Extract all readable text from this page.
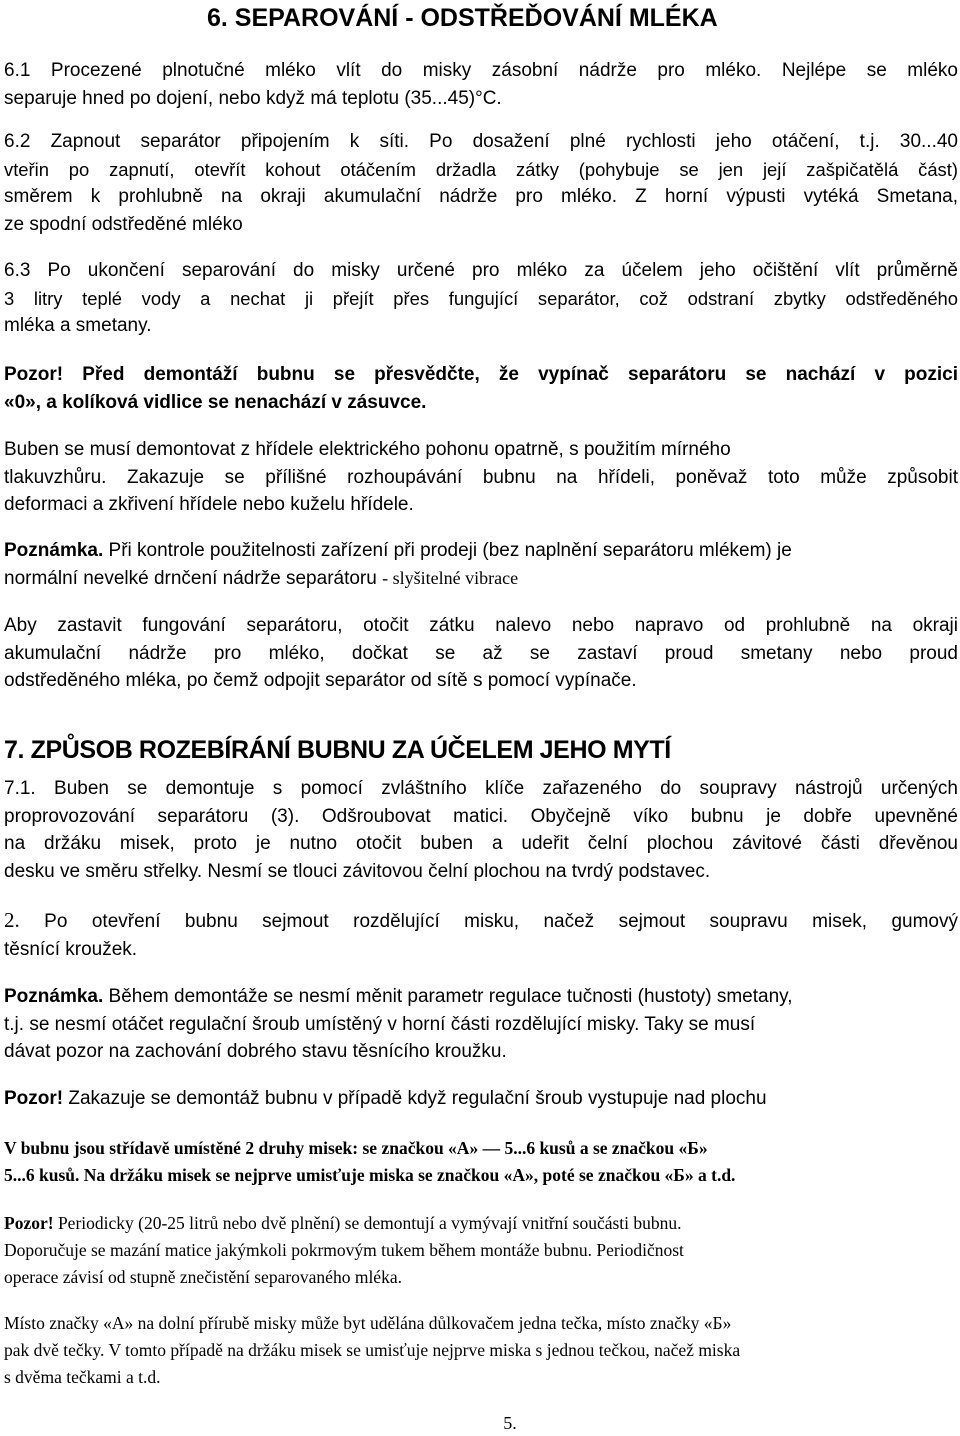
6. SEPAROVÁNÍ - ODSTŘEĎOVÁNÍ MLÉKA

6.1 Procezené plnotučné mléko vlít do misky zásobní nádrže pro mléko. Nejlépe se mléko

separuje hned po dojení, nebo když má teplotu (35...45)°C.

6.2 Zapnout separátor připojením k síti. Po dosažení plné rychlosti jeho otáčení, t.j. 30...40

vteřin po zapnutí, otevřít kohout otáčením držadla zátky (pohybuje se jen její zašpičatělá část)

směrem k prohlubně na okraji akumulační nádrže pro mléko. Z horní výpusti vytéká Smetana,

ze spodní odstředěné mléko

6.3 Po ukončení separování do misky určené pro mléko za účelem jeho očištění vlít průměrně

3 litry teplé vody a nechat ji přejít přes fungující separátor, což odstraní zbytky odstředěného

mléka a smetany.

Pozor! Před demontáží bubnu se přesvědčte, že vypínač separátoru se nachází v pozici

«0», a kolíková vidlice se nenachází v zásuvce.

Buben se musí demontovat z hřídele elektrického pohonu opatrně, s použitím mírného

tlakuvzhůru. Zakazuje se přílišné rozhoupávání bubnu na hřídeli, poněvaž toto může způsobit

deformaci a zkřivení hřídele nebo kuželu hřídele.

Poznámka. Při kontrole použitelnosti zařízení při prodeji (bez naplnění separátoru mlékem) je

normální nevelké drnčení nádrže separátoru - slyšitelné vibrace

Aby zastavit fungování separátoru, otočit zátku nalevo nebo napravo od prohlubně na okraji

akumulační nádrže pro mléko, dočkat se až se zastaví proud smetany nebo proud

odstředěného mléka, po čemž odpojit separátor od sítě s pomocí vypínače.

7. ZPŮSOB ROZEBÍRÁNÍ BUBNU ZA ÚČELEM JEHO MYTÍ

7.1. Buben se demontuje s pomocí zvláštního klíče zařazeného do soupravy nástrojů určených

proprovozování separátoru (3). Odšroubovat matici. Obyčejně víko bubnu je dobře upevněné

na držáku misek, proto je nutno otočit buben a udeřit čelní plochou závitové části dřevěnou

desku ve směru střelky. Nesmí se tlouci závitovou čelní plochou na tvrdý podstavec.

2. Po otevření bubnu sejmout rozdělující misku, načež sejmout soupravu misek, gumový

těsnící kroužek.

Poznámka. Během demontáže se nesmí měnit parametr regulace tučnosti (hustoty) smetany,

t.j. se nesmí otáčet regulační šroub umístěný v horní části rozdělující misky. Taky se musí

dávat pozor na zachování dobrého stavu těsnícího kroužku.

Pozor! Zakazuje se demontáž bubnu v případě když regulační šroub vystupuje nad plochu

V bubnu jsou střídavě umístěné 2 druhy misek: se značkou «А» — 5...6 kusů a se značkou «Б»

5...6 kusů. Na držáku misek se nejprve umisťuje miska se značkou «А», poté se značkou «Б» a t.d.

Pozor! Periodicky (20-25 litrů nebo dvě plnění) se demontují a vymývají vnitřní součásti bubnu.

Doporučuje se mazání matice jakýmkoli pokrmovým tukem během montáže bubnu. Periodičnost

operace závisí od stupně znečistění separovaného mléka.

Místo značky «А» na dolní přírubě misky může byt udělána důlkovačem jedna tečka, místo značky «Б»

pak dvě tečky. V tomto případě na držáku misek se umisťuje nejprve miska s jednou tečkou, načež miska

s dvěma tečkami a t.d.

5.
